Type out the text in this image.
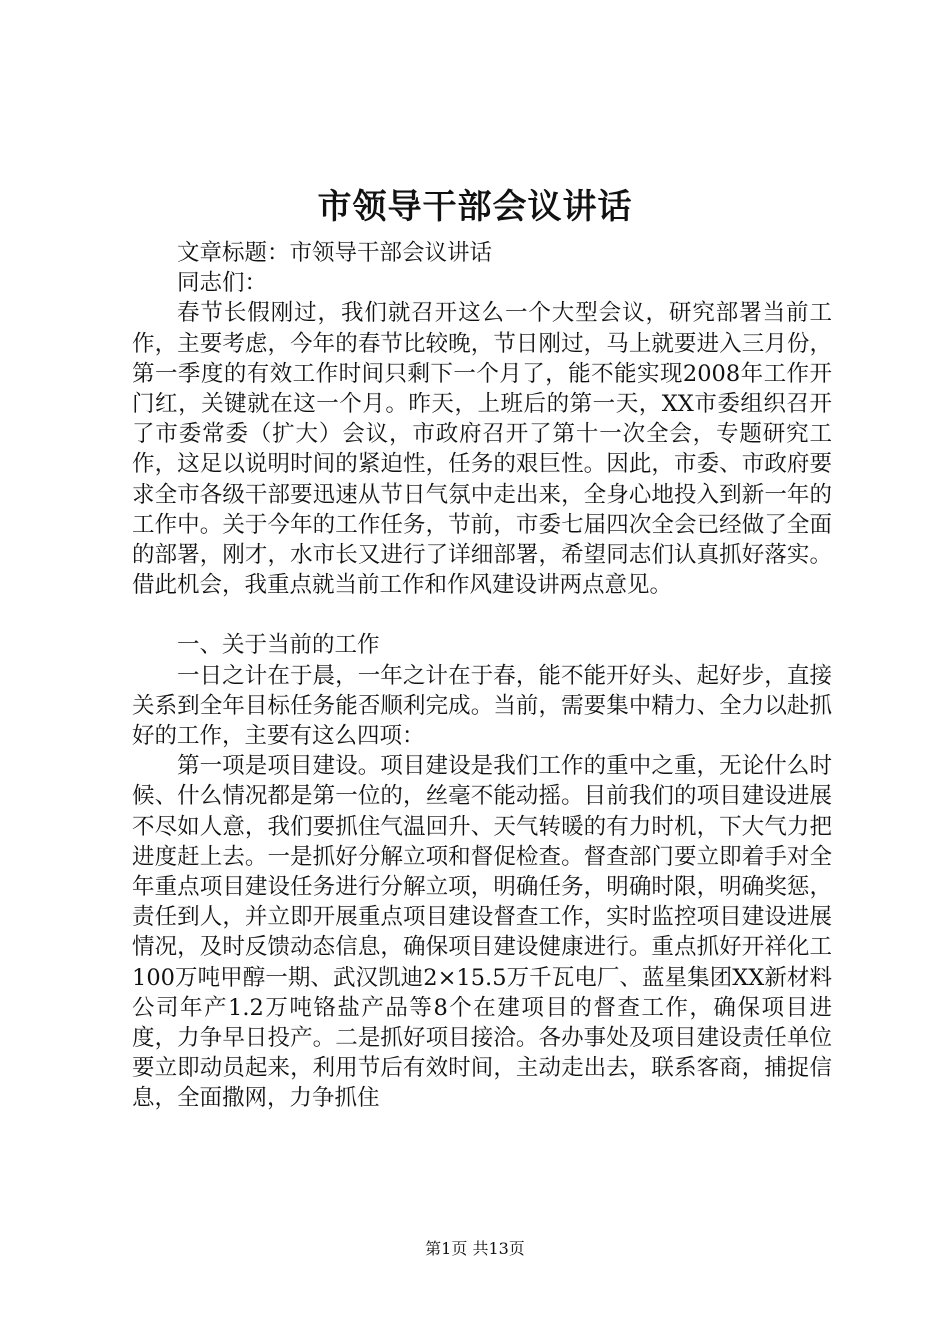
市领导干部会议讲话

文章标题：市领导干部会议讲话

同志们：

春节长假刚过，我们就召开这么一个大型会议，研究部署当前工作，主要考虑，今年的春节比较晚，节日刚过，马上就要进入三月份，第一季度的有效工作时间只剩下一个月了，能不能实现2008年工作开门红，关键就在这一个月。昨天，上班后的第一天，XX市委组织召开了市委常委（扩大）会议，市政府召开了第十一次全会，专题研究工作，这足以说明时间的紧迫性，任务的艰巨性。因此，市委、市政府要求全市各级干部要迅速从节日气氛中走出来，全身心地投入到新一年的工作中。关于今年的工作任务，节前，市委七届四次全会已经做了全面的部署，刚才，水市长又进行了详细部署，希望同志们认真抓好落实。借此机会，我重点就当前工作和作风建设讲两点意见。

一、关于当前的工作

一日之计在于晨，一年之计在于春，能不能开好头、起好步，直接关系到全年目标任务能否顺利完成。当前，需要集中精力、全力以赴抓好的工作，主要有这么四项：

第一项是项目建设。项目建设是我们工作的重中之重，无论什么时候、什么情况都是第一位的，丝毫不能动摇。目前我们的项目建设进展不尽如人意，我们要抓住气温回升、天气转暖的有力时机，下大气力把进度赶上去。一是抓好分解立项和督促检查。督查部门要立即着手对全年重点项目建设任务进行分解立项，明确任务，明确时限，明确奖惩，责任到人，并立即开展重点项目建设督查工作，实时监控项目建设进展情况，及时反馈动态信息，确保项目建设健康进行。重点抓好开祥化工100万吨甲醇一期、武汉凯迪2×15.5万千瓦电厂、蓝星集团XX新材料公司年产1.2万吨铬盐产品等8个在建项目的督查工作，确保项目进度，力争早日投产。二是抓好项目接洽。各办事处及项目建设责任单位要立即动员起来，利用节后有效时间，主动走出去，联系客商，捕捉信息，全面撒网，力争抓住

第1页 共13页
